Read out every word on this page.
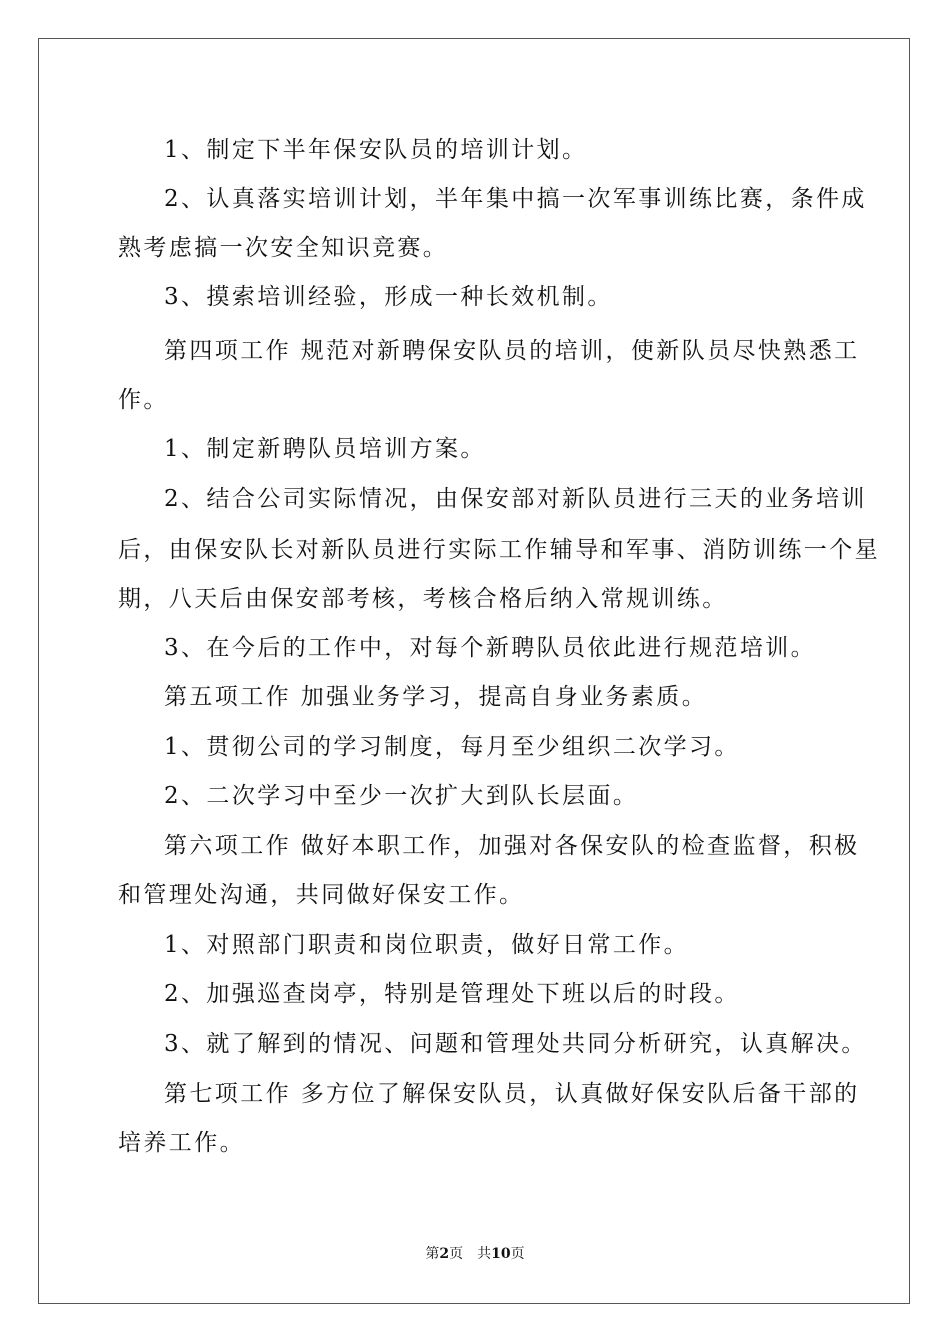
1、制定下半年保安队员的培训计划。
2、认真落实培训计划，半年集中搞一次军事训练比赛，条件成
熟考虑搞一次安全知识竞赛。
3、摸索培训经验，形成一种长效机制。
第四项工作 规范对新聘保安队员的培训，使新队员尽快熟悉工
作。
1、制定新聘队员培训方案。
2、结合公司实际情况，由保安部对新队员进行三天的业务培训
后，由保安队长对新队员进行实际工作辅导和军事、消防训练一个星
期，八天后由保安部考核，考核合格后纳入常规训练。
3、在今后的工作中，对每个新聘队员依此进行规范培训。
第五项工作 加强业务学习，提高自身业务素质。
1、贯彻公司的学习制度，每月至少组织二次学习。
2、二次学习中至少一次扩大到队长层面。
第六项工作 做好本职工作，加强对各保安队的检查监督，积极
和管理处沟通，共同做好保安工作。
1、对照部门职责和岗位职责，做好日常工作。
2、加强巡查岗亭，特别是管理处下班以后的时段。
3、就了解到的情况、问题和管理处共同分析研究，认真解决。
第七项工作 多方位了解保安队员，认真做好保安队后备干部的
培养工作。
第2页　共10页
